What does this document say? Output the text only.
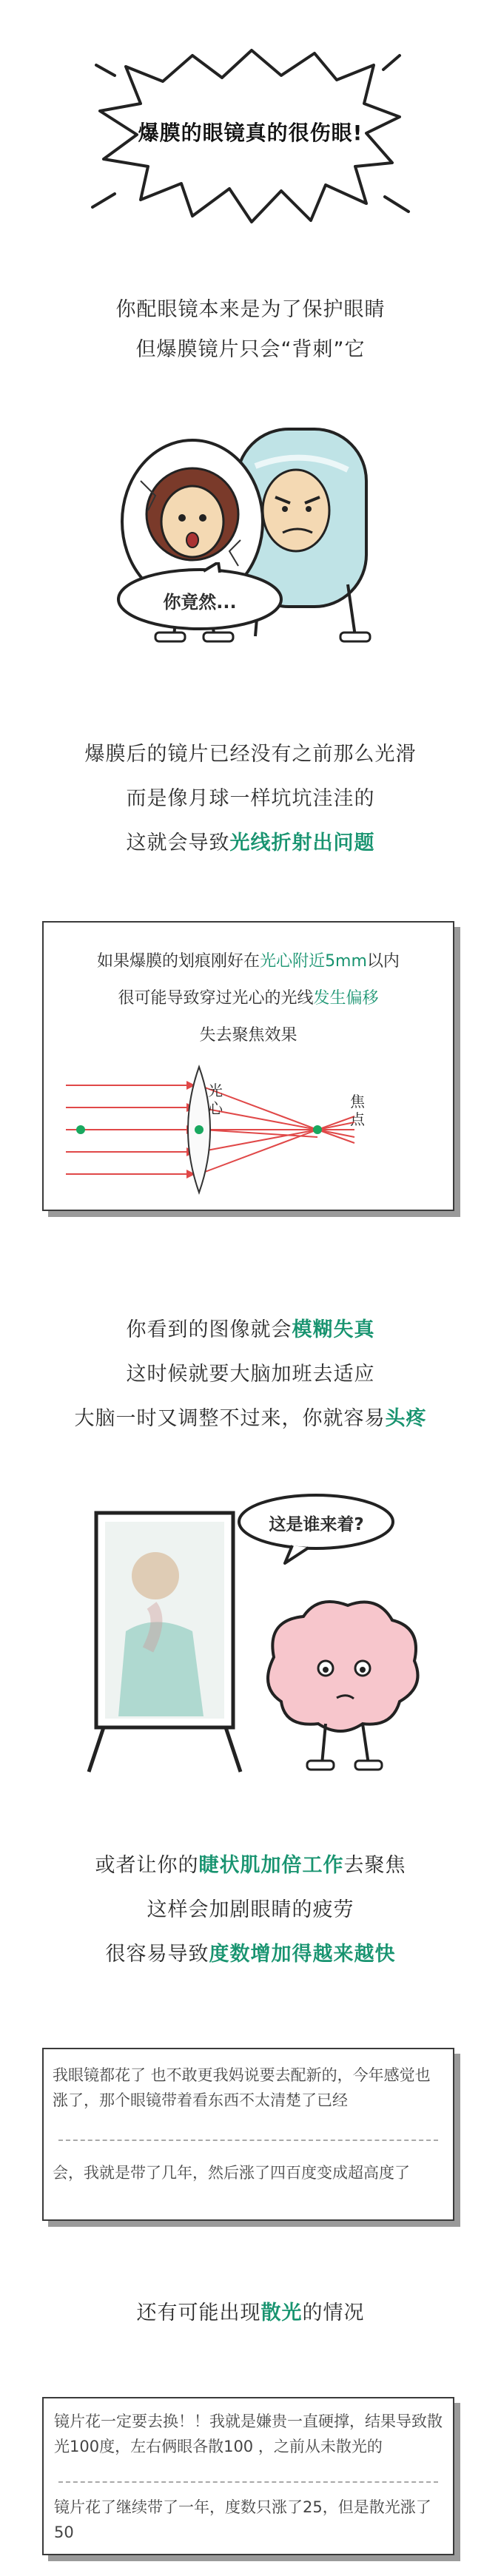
爆膜的眼镜真的很伤眼!
你配眼镜本来是为了保护眼睛
但爆膜镜片只会“背刺”它
你竟然...
爆膜后的镜片已经没有之前那么光滑
而是像月球一样坑坑洼洼的
这就会导致光线折射出问题
如果爆膜的划痕刚好在光心附近5mm以内
很可能导致穿过光心的光线发生偏移
失去聚焦效果
光心	焦点
你看到的图像就会模糊失真
这时候就要大脑加班去适应
大脑一时又调整不过来，你就容易头疼
这是谁来着?
或者让你的睫状肌加倍工作去聚焦
这样会加剧眼睛的疲劳
很容易导致度数增加得越来越快
我眼镜都花了 也不敢更我妈说要去配新的，今年感觉也涨了，那个眼镜带着看东西不太清楚了已经
会，我就是带了几年，然后涨了四百度变成超高度了
还有可能出现散光的情况
镜片花一定要去换！！我就是嫌贵一直硬撑，结果导致散光100度，左右俩眼各散100 ，之前从未散光的
镜片花了继续带了一年，度数只涨了25，但是散光涨了50
